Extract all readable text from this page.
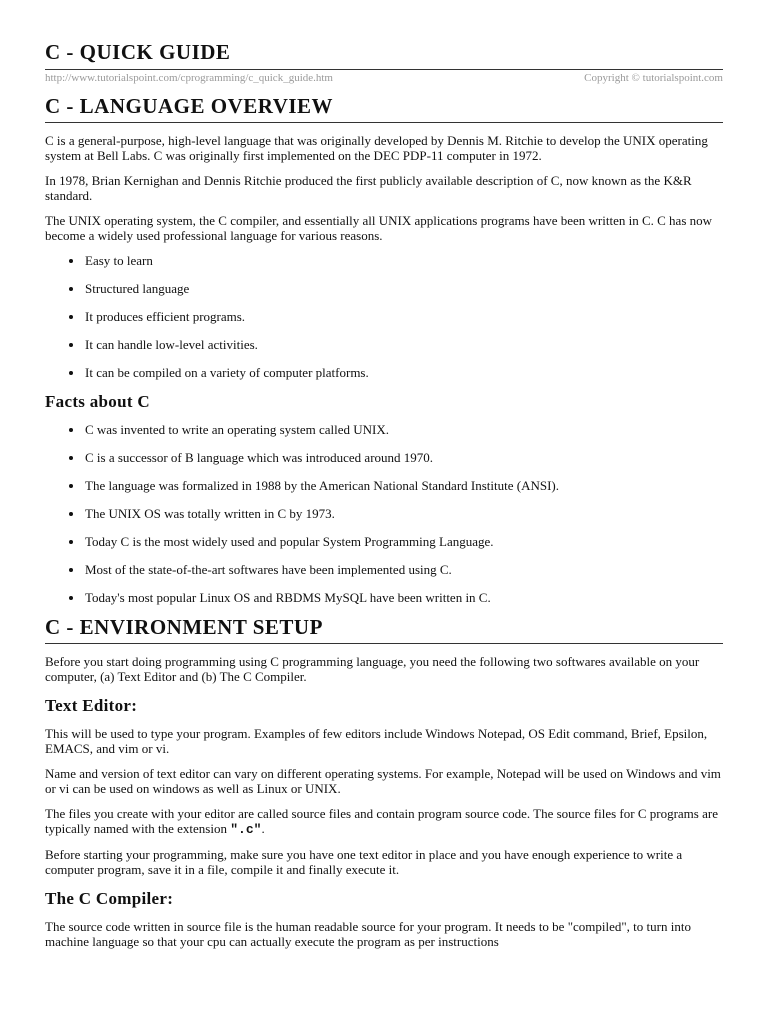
C - QUICK GUIDE
http://www.tutorialspoint.com/cprogramming/c_quick_guide.htm	Copyright © tutorialspoint.com
C - LANGUAGE OVERVIEW

C is a general-purpose, high-level language that was originally developed by Dennis M. Ritchie to develop the UNIX operating system at Bell Labs. C was originally first implemented on the DEC PDP-11 computer in 1972.

In 1978, Brian Kernighan and Dennis Ritchie produced the first publicly available description of C, now known as the K&R standard.

The UNIX operating system, the C compiler, and essentially all UNIX applications programs have been written in C. C has now become a widely used professional language for various reasons.

Easy to learn
Structured language
It produces efficient programs.
It can handle low-level activities.
It can be compiled on a variety of computer platforms.
Facts about C
C was invented to write an operating system called UNIX.
C is a successor of B language which was introduced around 1970.
The language was formalized in 1988 by the American National Standard Institute (ANSI).
The UNIX OS was totally written in C by 1973.
Today C is the most widely used and popular System Programming Language.
Most of the state-of-the-art softwares have been implemented using C.
Today's most popular Linux OS and RBDMS MySQL have been written in C.
C - ENVIRONMENT SETUP

Before you start doing programming using C programming language, you need the following two softwares available on your computer, (a) Text Editor and (b) The C Compiler.

Text Editor:

This will be used to type your program. Examples of few editors include Windows Notepad, OS Edit command, Brief, Epsilon, EMACS, and vim or vi.

Name and version of text editor can vary on different operating systems. For example, Notepad will be used on Windows and vim or vi can be used on windows as well as Linux or UNIX.

The files you create with your editor are called source files and contain program source code. The source files for C programs are typically named with the extension ".c".

Before starting your programming, make sure you have one text editor in place and you have enough experience to write a computer program, save it in a file, compile it and finally execute it.

The C Compiler:

The source code written in source file is the human readable source for your program. It needs to be "compiled", to turn into machine language so that your cpu can actually execute the program as per instructions
